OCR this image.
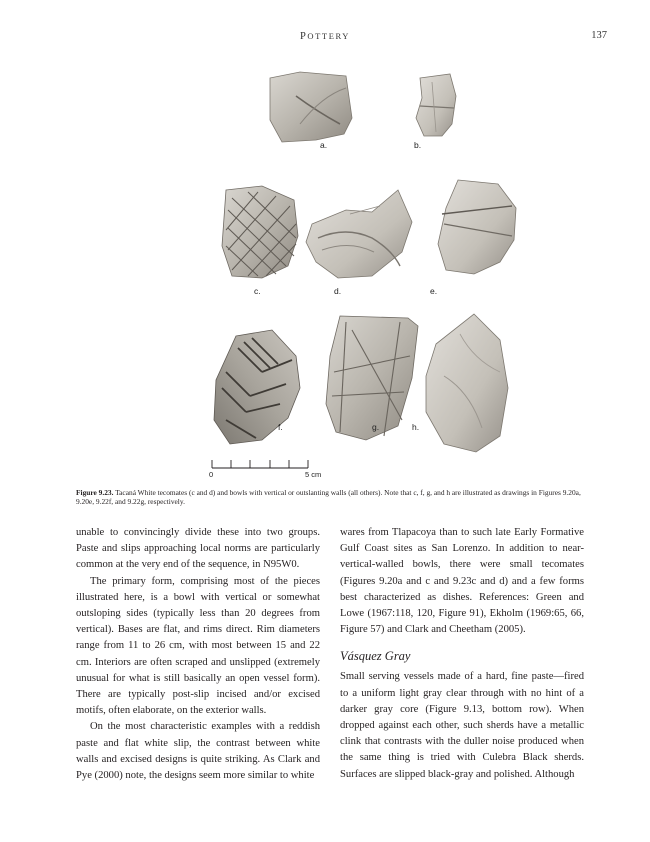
POTTERY	137
a.	b.
c.	d.	e.
f.	g.	h.
0	5 cm
Figure 9.23. Tacaná White tecomates (c and d) and bowls with vertical or outslanting walls (all others). Note that c, f, g, and h are illustrated as drawings in Figures 9.20a, 9.20e, 9.22f, and 9.22g, respectively.

unable to convincingly divide these into two groups. Paste and slips approaching local norms are particularly common at the very end of the sequence, in N95W0.

The primary form, comprising most of the pieces illustrated here, is a bowl with vertical or somewhat outsloping sides (typically less than 20 degrees from vertical). Bases are flat, and rims direct. Rim diameters range from 11 to 26 cm, with most between 15 and 22 cm. Interiors are often scraped and unslipped (extremely unusual for what is still basically an open vessel form). There are typically post-slip incised and/or excised motifs, often elaborate, on the exterior walls.

On the most characteristic examples with a reddish paste and flat white slip, the contrast between white walls and excised designs is quite striking. As Clark and Pye (2000) note, the designs seem more similar to white

wares from Tlapacoya than to such late Early Formative Gulf Coast sites as San Lorenzo. In addition to near-vertical-walled bowls, there were small tecomates (Figures 9.20a and c and 9.23c and d) and a few forms best characterized as dishes. References: Green and Lowe (1967:118, 120, Figure 91), Ekholm (1969:65, 66, Figure 57) and Clark and Cheetham (2005).

Vásquez Gray

Small serving vessels made of a hard, fine paste—fired to a uniform light gray clear through with no hint of a darker gray core (Figure 9.13, bottom row). When dropped against each other, such sherds have a metallic clink that contrasts with the duller noise produced when the same thing is tried with Culebra Black sherds. Surfaces are slipped black-gray and polished. Although
